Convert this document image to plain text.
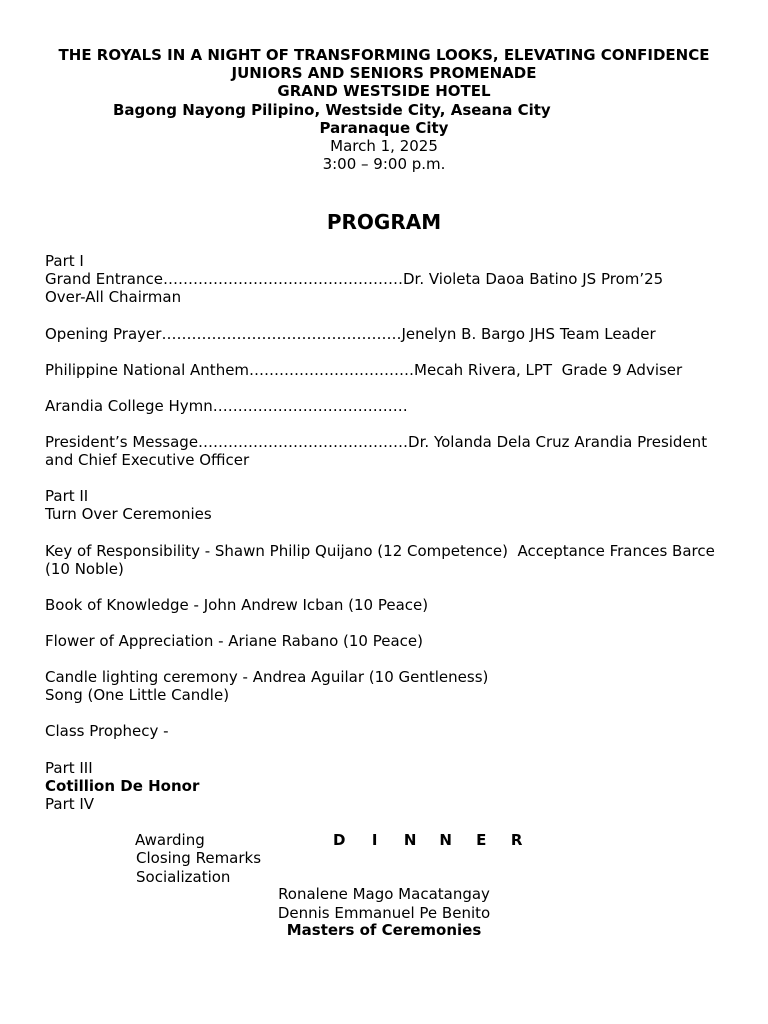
THE ROYALS IN A NIGHT OF TRANSFORMING LOOKS, ELEVATING CONFIDENCE
JUNIORS AND SENIORS PROMENADE
GRAND WESTSIDE HOTEL
Bagong Nayong Pilipino, Westside City, Aseana City
Paranaque City
March 1, 2025
3:00 – 9:00 p.m.
PROGRAM
Part I
Grand Entrance…………………………………………Dr. Violeta Daoa Batino JS Prom’25
Over-All Chairman
Opening Prayer…………………………………………Jenelyn B. Bargo JHS Team Leader
Philippine National Anthem……………………………Mecah Rivera, LPT  Grade 9 Adviser
Arandia College Hymn…………………………………
President’s Message……………………………………Dr. Yolanda Dela Cruz Arandia President
and Chief Executive Officer
Part II
Turn Over Ceremonies
Key of Responsibility - Shawn Philip Quijano (12 Competence)  Acceptance Frances Barce
(10 Noble)
Book of Knowledge - John Andrew Icban (10 Peace)
Flower of Appreciation - Ariane Rabano (10 Peace)
Candle lighting ceremony - Andrea Aguilar (10 Gentleness)
Song (One Little Candle)
Class Prophecy -
Part III
Cotillion De Honor
Part IV

D I N N E R

Awarding
Closing Remarks
Socialization
Ronalene Mago Macatangay
Dennis Emmanuel Pe Benito
Masters of Ceremonies
